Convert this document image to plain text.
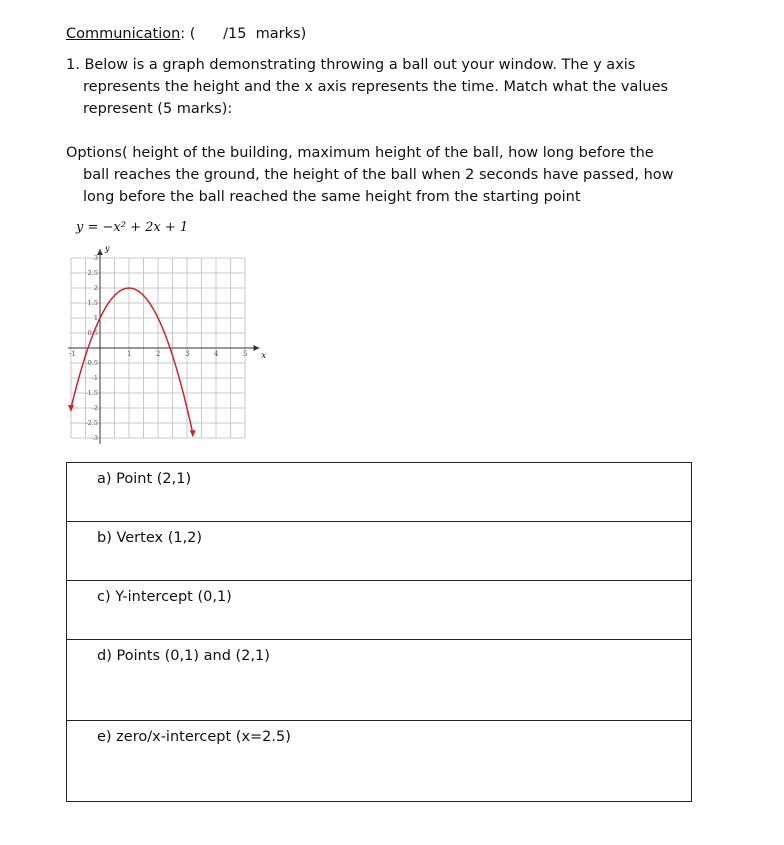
Communication: (      /15  marks)
1. Below is a graph demonstrating throwing a ball out your window. The y axis
represents the height and the x axis represents the time. Match what the values
represent (5 marks):
Options( height of the building, maximum height of the ball, how long before the
ball reaches the ground, the height of the ball when 2 seconds have passed, how
long before the ball reached the same height from the starting point
y = −x² + 2x + 1
-1	1	2	3	4	5
3
2.5
2
1.5
1
0.5
-0.5
-1
-1.5
-2
-2.5
-3
x
y
a) Point (2,1)
b) Vertex (1,2)
c) Y-intercept (0,1)
d) Points (0,1) and (2,1)
e) zero/x-intercept (x=2.5)
